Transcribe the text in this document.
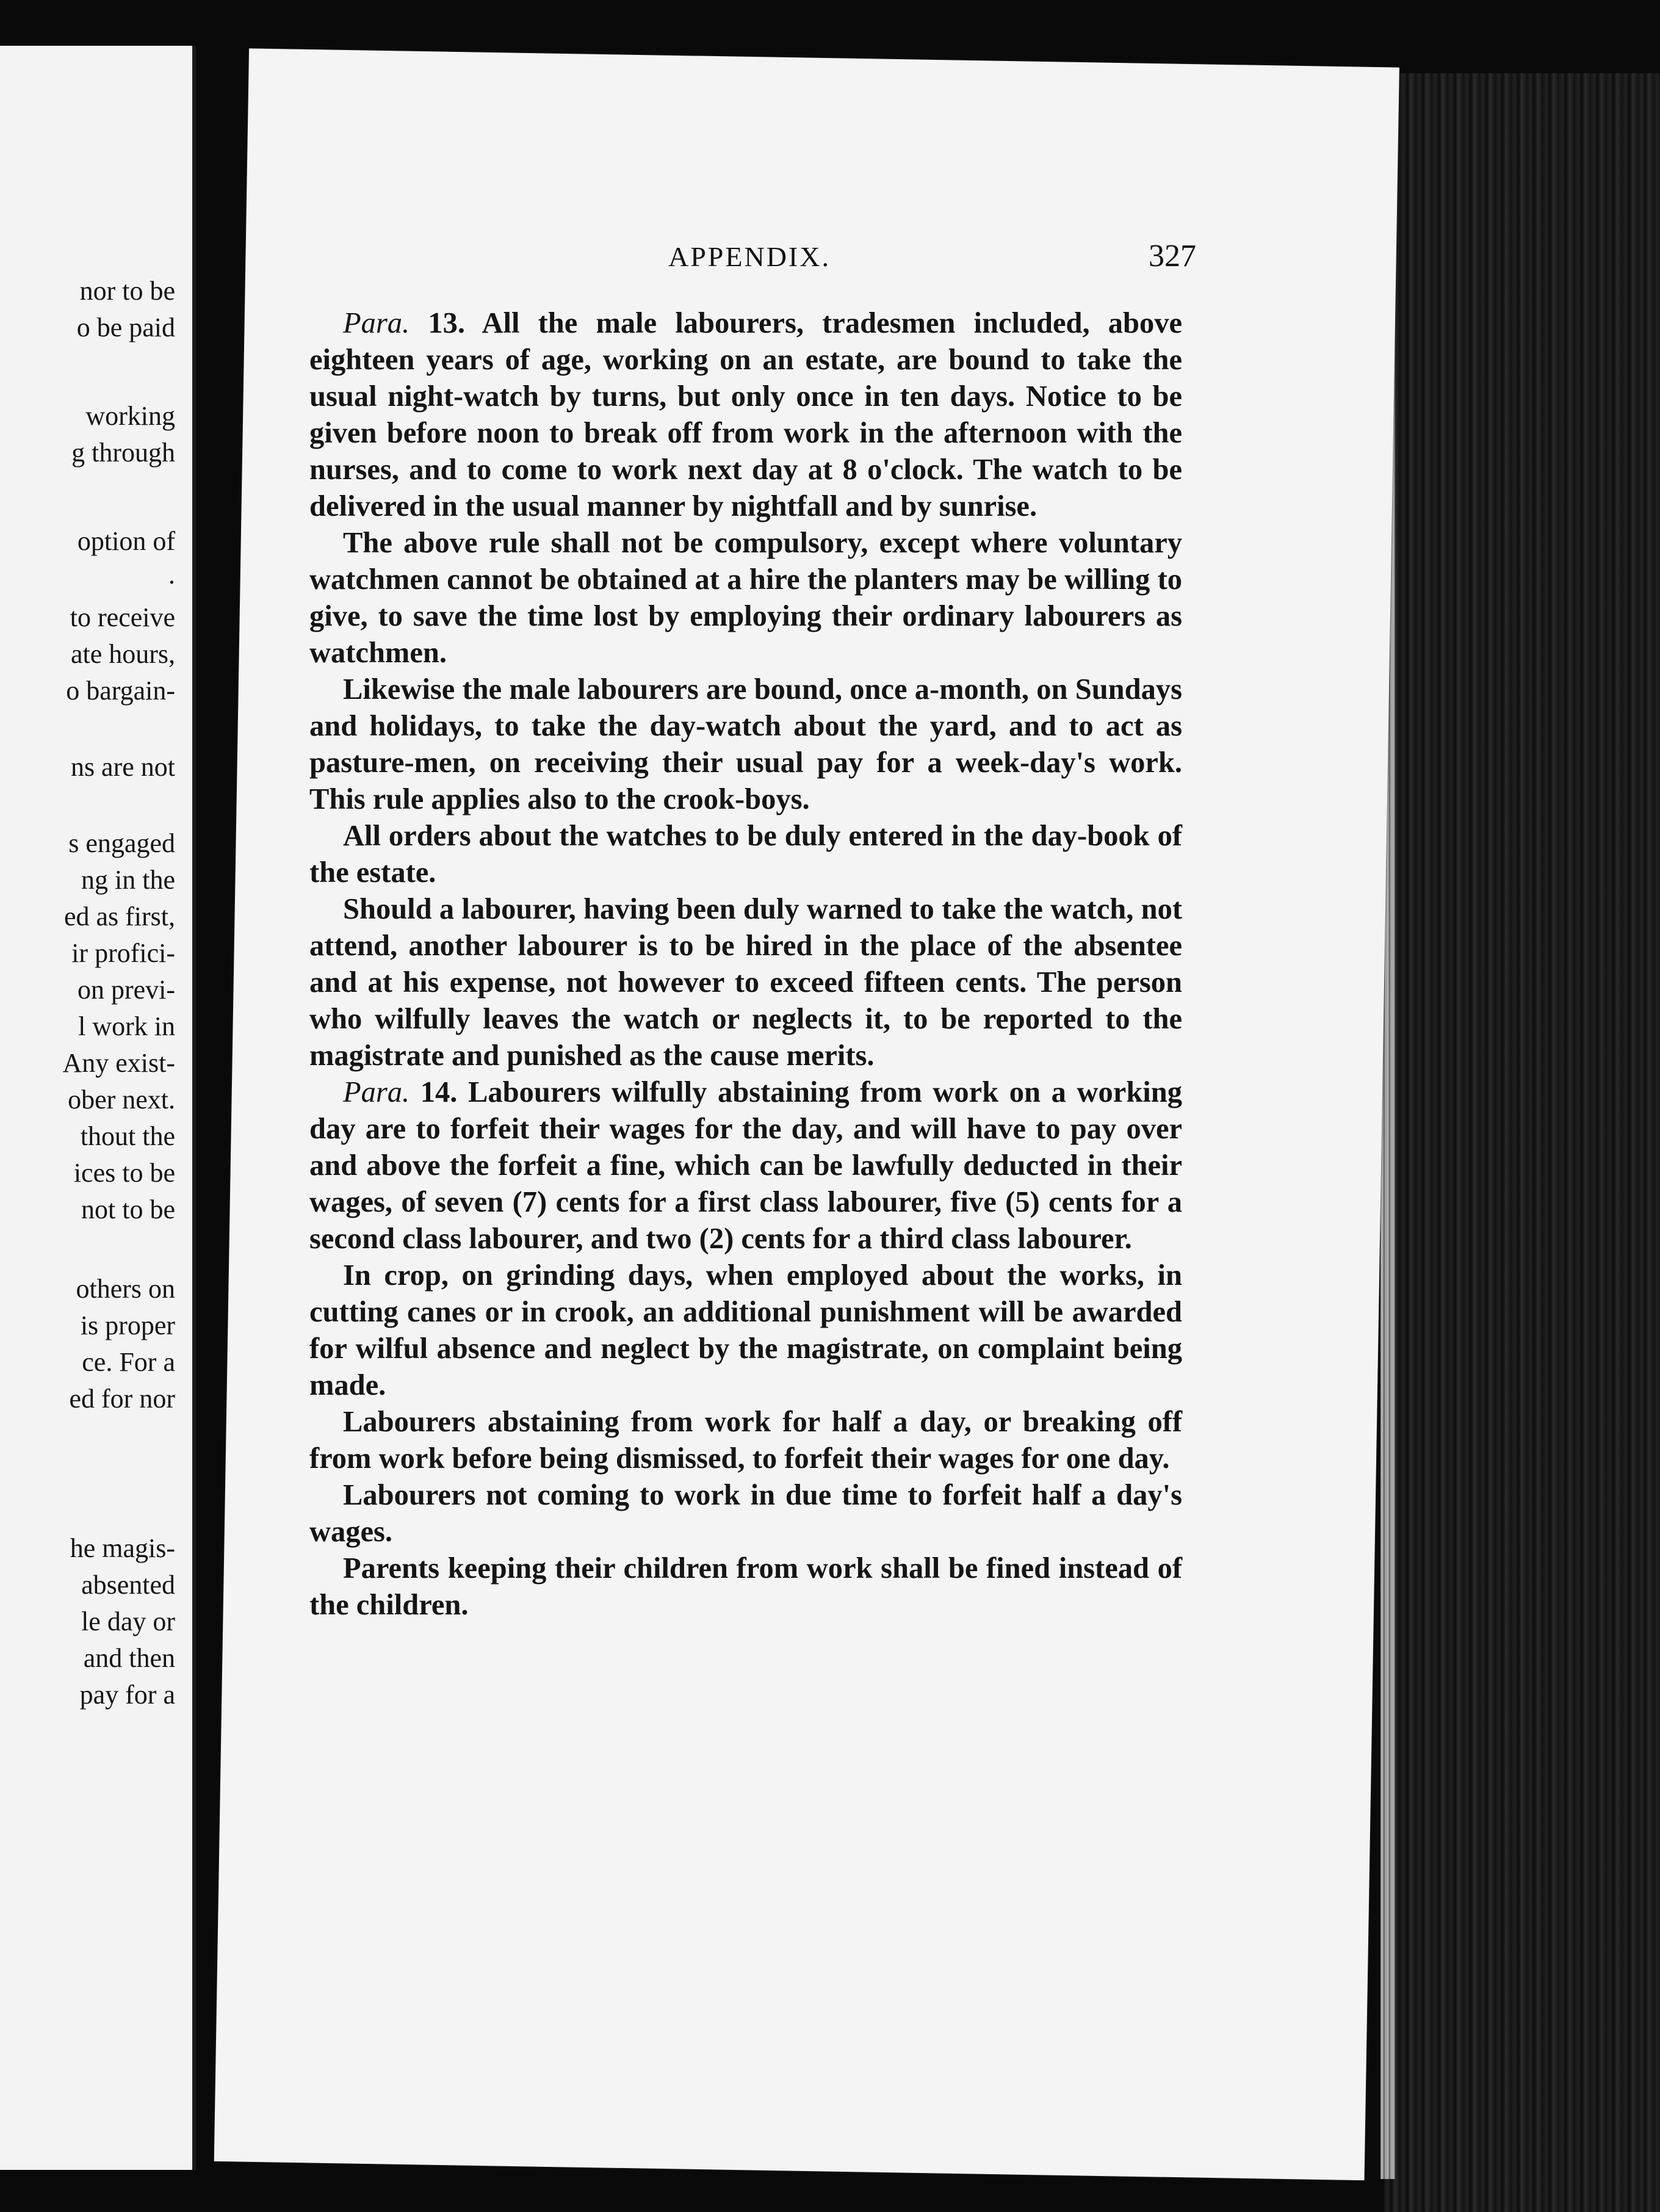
nor to be
o be paid
working
g through
option of
.
to receive
ate hours,
o bargain-
ns are not
s engaged
ng in the
ed as first,
ir profici-
on previ-
l work in
Any exist-
ober next.
thout the
ices to be
not to be
others on
is proper
ce. For a
ed for nor
he magis-
absented
le day or
and then
pay for a
APPENDIX.	327

Para. 13. All the male labourers, tradesmen included, above eighteen years of age, working on an estate, are bound to take the usual night-watch by turns, but only once in ten days. Notice to be given before noon to break off from work in the afternoon with the nurses, and to come to work next day at 8 o'clock. The watch to be delivered in the usual manner by nightfall and by sunrise.

The above rule shall not be compulsory, except where voluntary watchmen cannot be obtained at a hire the planters may be willing to give, to save the time lost by employing their ordinary labourers as watchmen.

Likewise the male labourers are bound, once a-month, on Sundays and holidays, to take the day-watch about the yard, and to act as pasture-men, on receiving their usual pay for a week-day's work. This rule applies also to the crook-boys.

All orders about the watches to be duly entered in the day-book of the estate.

Should a labourer, having been duly warned to take the watch, not attend, another labourer is to be hired in the place of the absentee and at his expense, not however to exceed fifteen cents. The person who wilfully leaves the watch or neglects it, to be reported to the magistrate and punished as the cause merits.

Para. 14. Labourers wilfully abstaining from work on a working day are to forfeit their wages for the day, and will have to pay over and above the forfeit a fine, which can be lawfully deducted in their wages, of seven (7) cents for a first class labourer, five (5) cents for a second class labourer, and two (2) cents for a third class labourer.

In crop, on grinding days, when employed about the works, in cutting canes or in crook, an additional punishment will be awarded for wilful absence and neglect by the magistrate, on complaint being made.

Labourers abstaining from work for half a day, or breaking off from work before being dismissed, to forfeit their wages for one day.

Labourers not coming to work in due time to forfeit half a day's wages.

Parents keeping their children from work shall be fined instead of the children.
